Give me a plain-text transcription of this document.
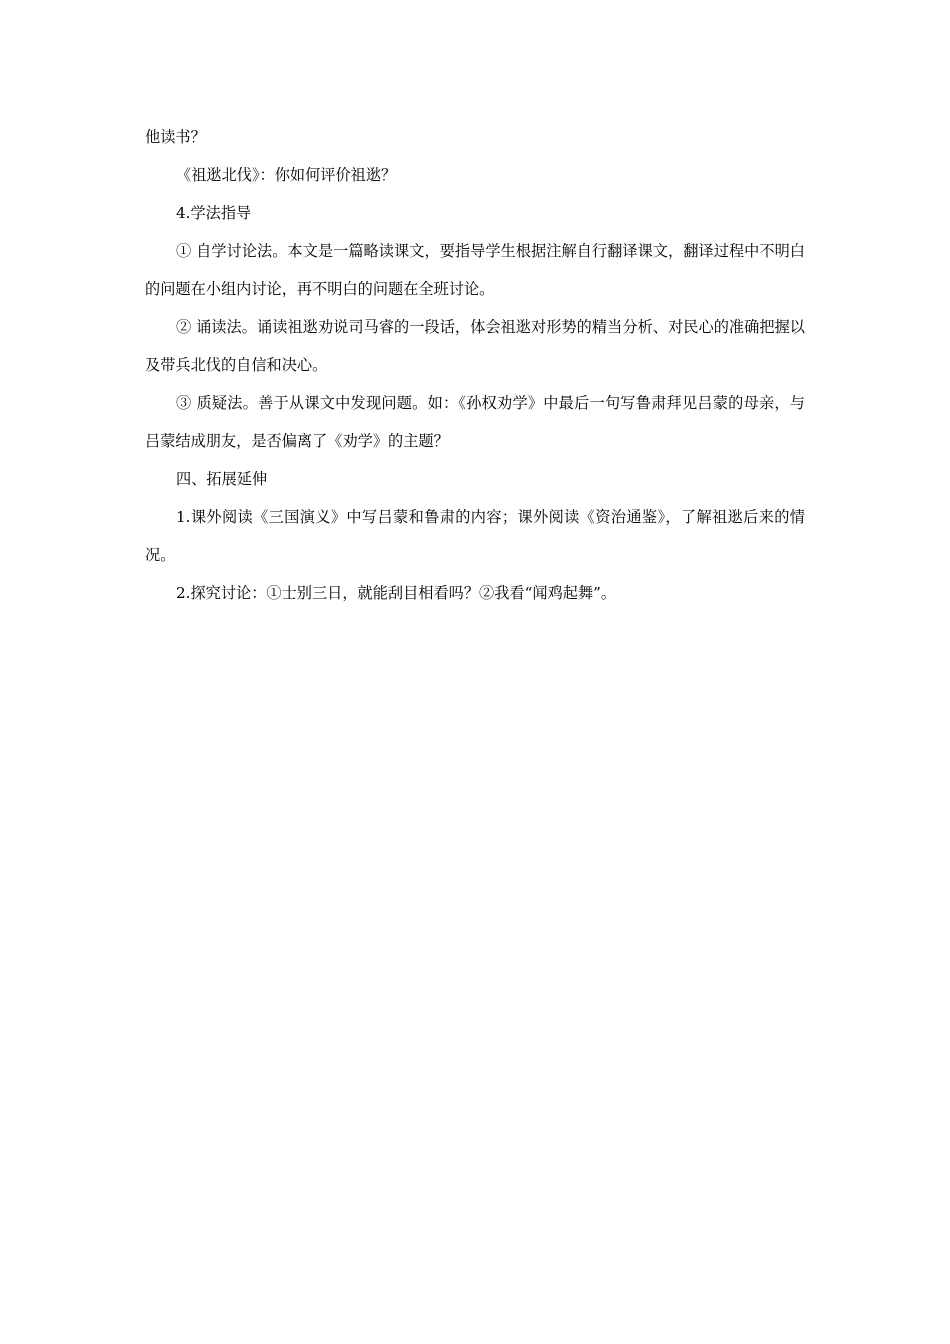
他读书？

《祖逖北伐》：你如何评价祖逖？

4.学法指导

① 自学讨论法。本文是一篇略读课文，要指导学生根据注解自行翻译课文，翻译过程中不明白的问题在小组内讨论，再不明白的问题在全班讨论。

② 诵读法。诵读祖逖劝说司马睿的一段话，体会祖逖对形势的精当分析、对民心的准确把握以及带兵北伐的自信和决心。

③ 质疑法。善于从课文中发现问题。如：《孙权劝学》中最后一句写鲁肃拜见吕蒙的母亲，与吕蒙结成朋友，是否偏离了《劝学》的主题？

四、拓展延伸

1.课外阅读《三国演义》中写吕蒙和鲁肃的内容；课外阅读《资治通鉴》，了解祖逖后来的情况。

2.探究讨论：①士别三日，就能刮目相看吗？②我看“闻鸡起舞”。
